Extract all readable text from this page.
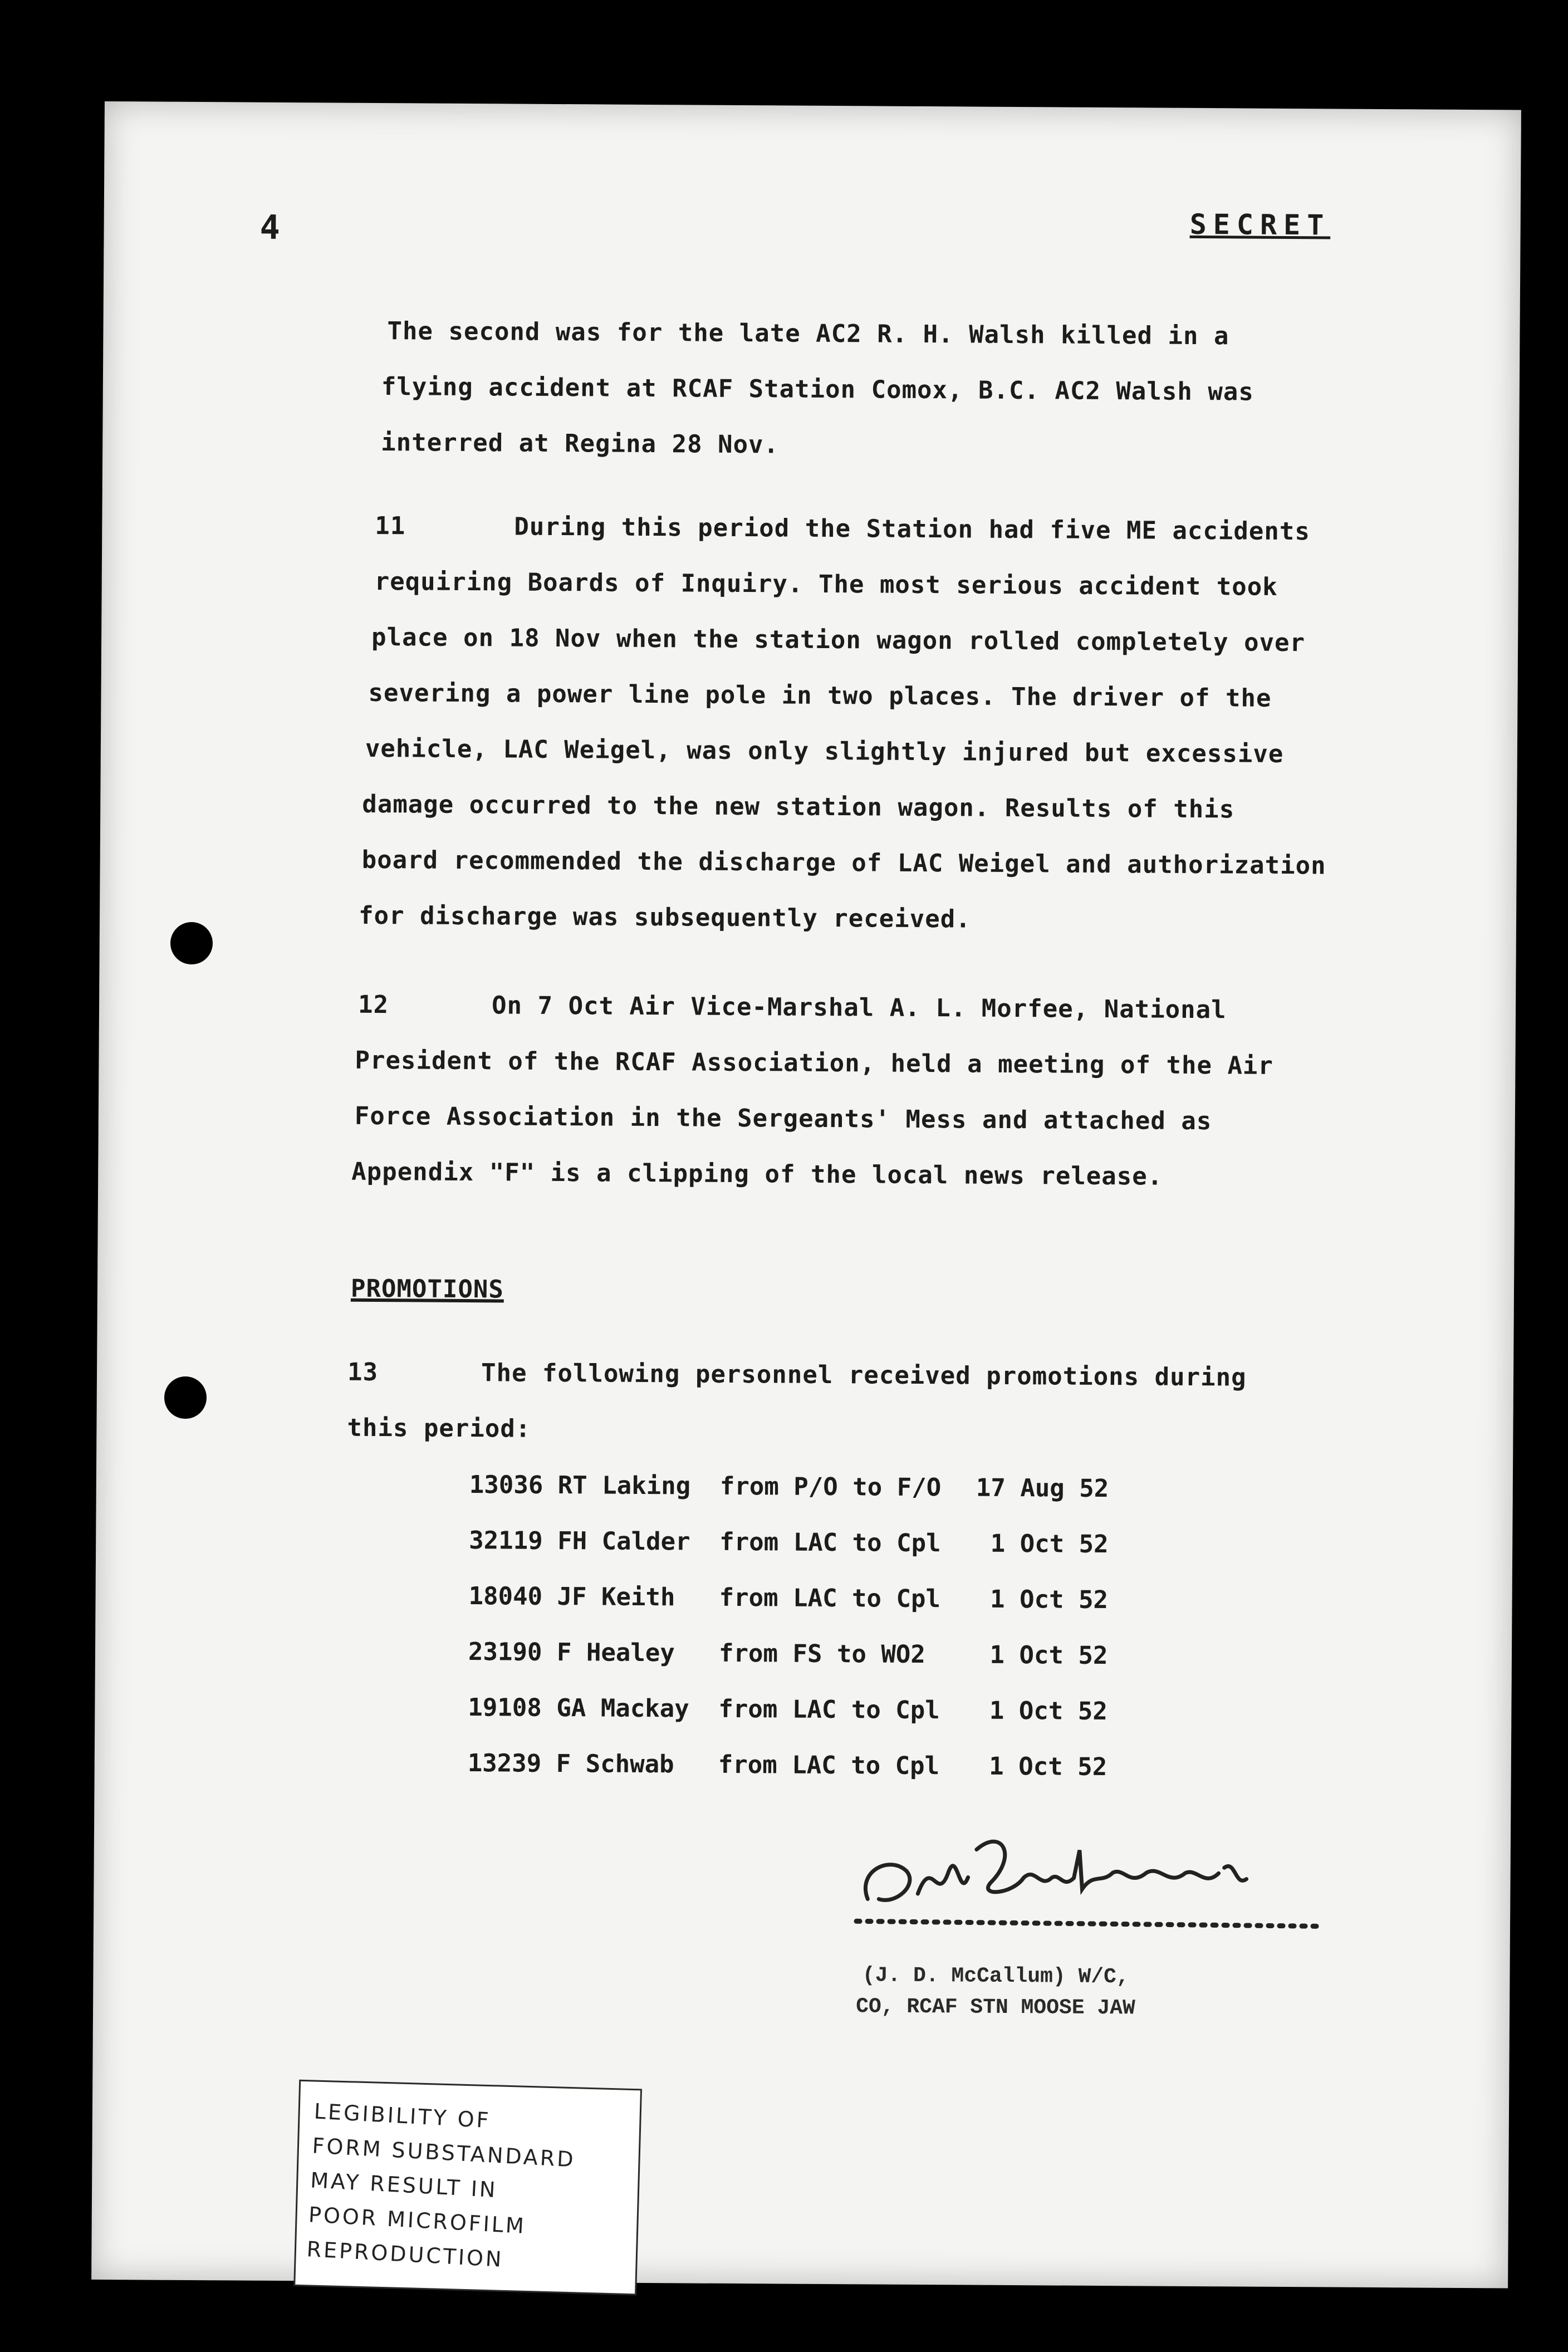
4	SECRET
The second was for the late AC2 R. H. Walsh killed in a
flying accident at RCAF Station Comox, B.C. AC2 Walsh was
interred at Regina 28 Nov.
11	During this period the Station had five ME accidents
requiring Boards of Inquiry. The most serious accident took
place on 18 Nov when the station wagon rolled completely over
severing a power line pole in two places. The driver of the
vehicle, LAC Weigel, was only slightly injured but excessive
damage occurred to the new station wagon. Results of this
board recommended the discharge of LAC Weigel and authorization
for discharge was subsequently received.
12	On 7 Oct Air Vice-Marshal A. L. Morfee, National
President of the RCAF Association, held a meeting of the Air
Force Association in the Sergeants' Mess and attached as
Appendix "F" is a clipping of the local news release.
PROMOTIONS
13	The following personnel received promotions during
this period:
13036 RT Laking	from P/O to F/O	17 Aug 52
32119 FH Calder	from LAC to Cpl	1 Oct 52
18040 JF Keith	from LAC to Cpl	1 Oct 52
23190 F Healey	from FS to WO2	1 Oct 52
19108 GA Mackay	from LAC to Cpl	1 Oct 52
13239 F Schwab	from LAC to Cpl	1 Oct 52
(J. D. McCallum) W/C,
CO, RCAF STN MOOSE JAW
LEGIBILITY OF
FORM SUBSTANDARD
MAY RESULT IN
POOR MICROFILM
REPRODUCTION
